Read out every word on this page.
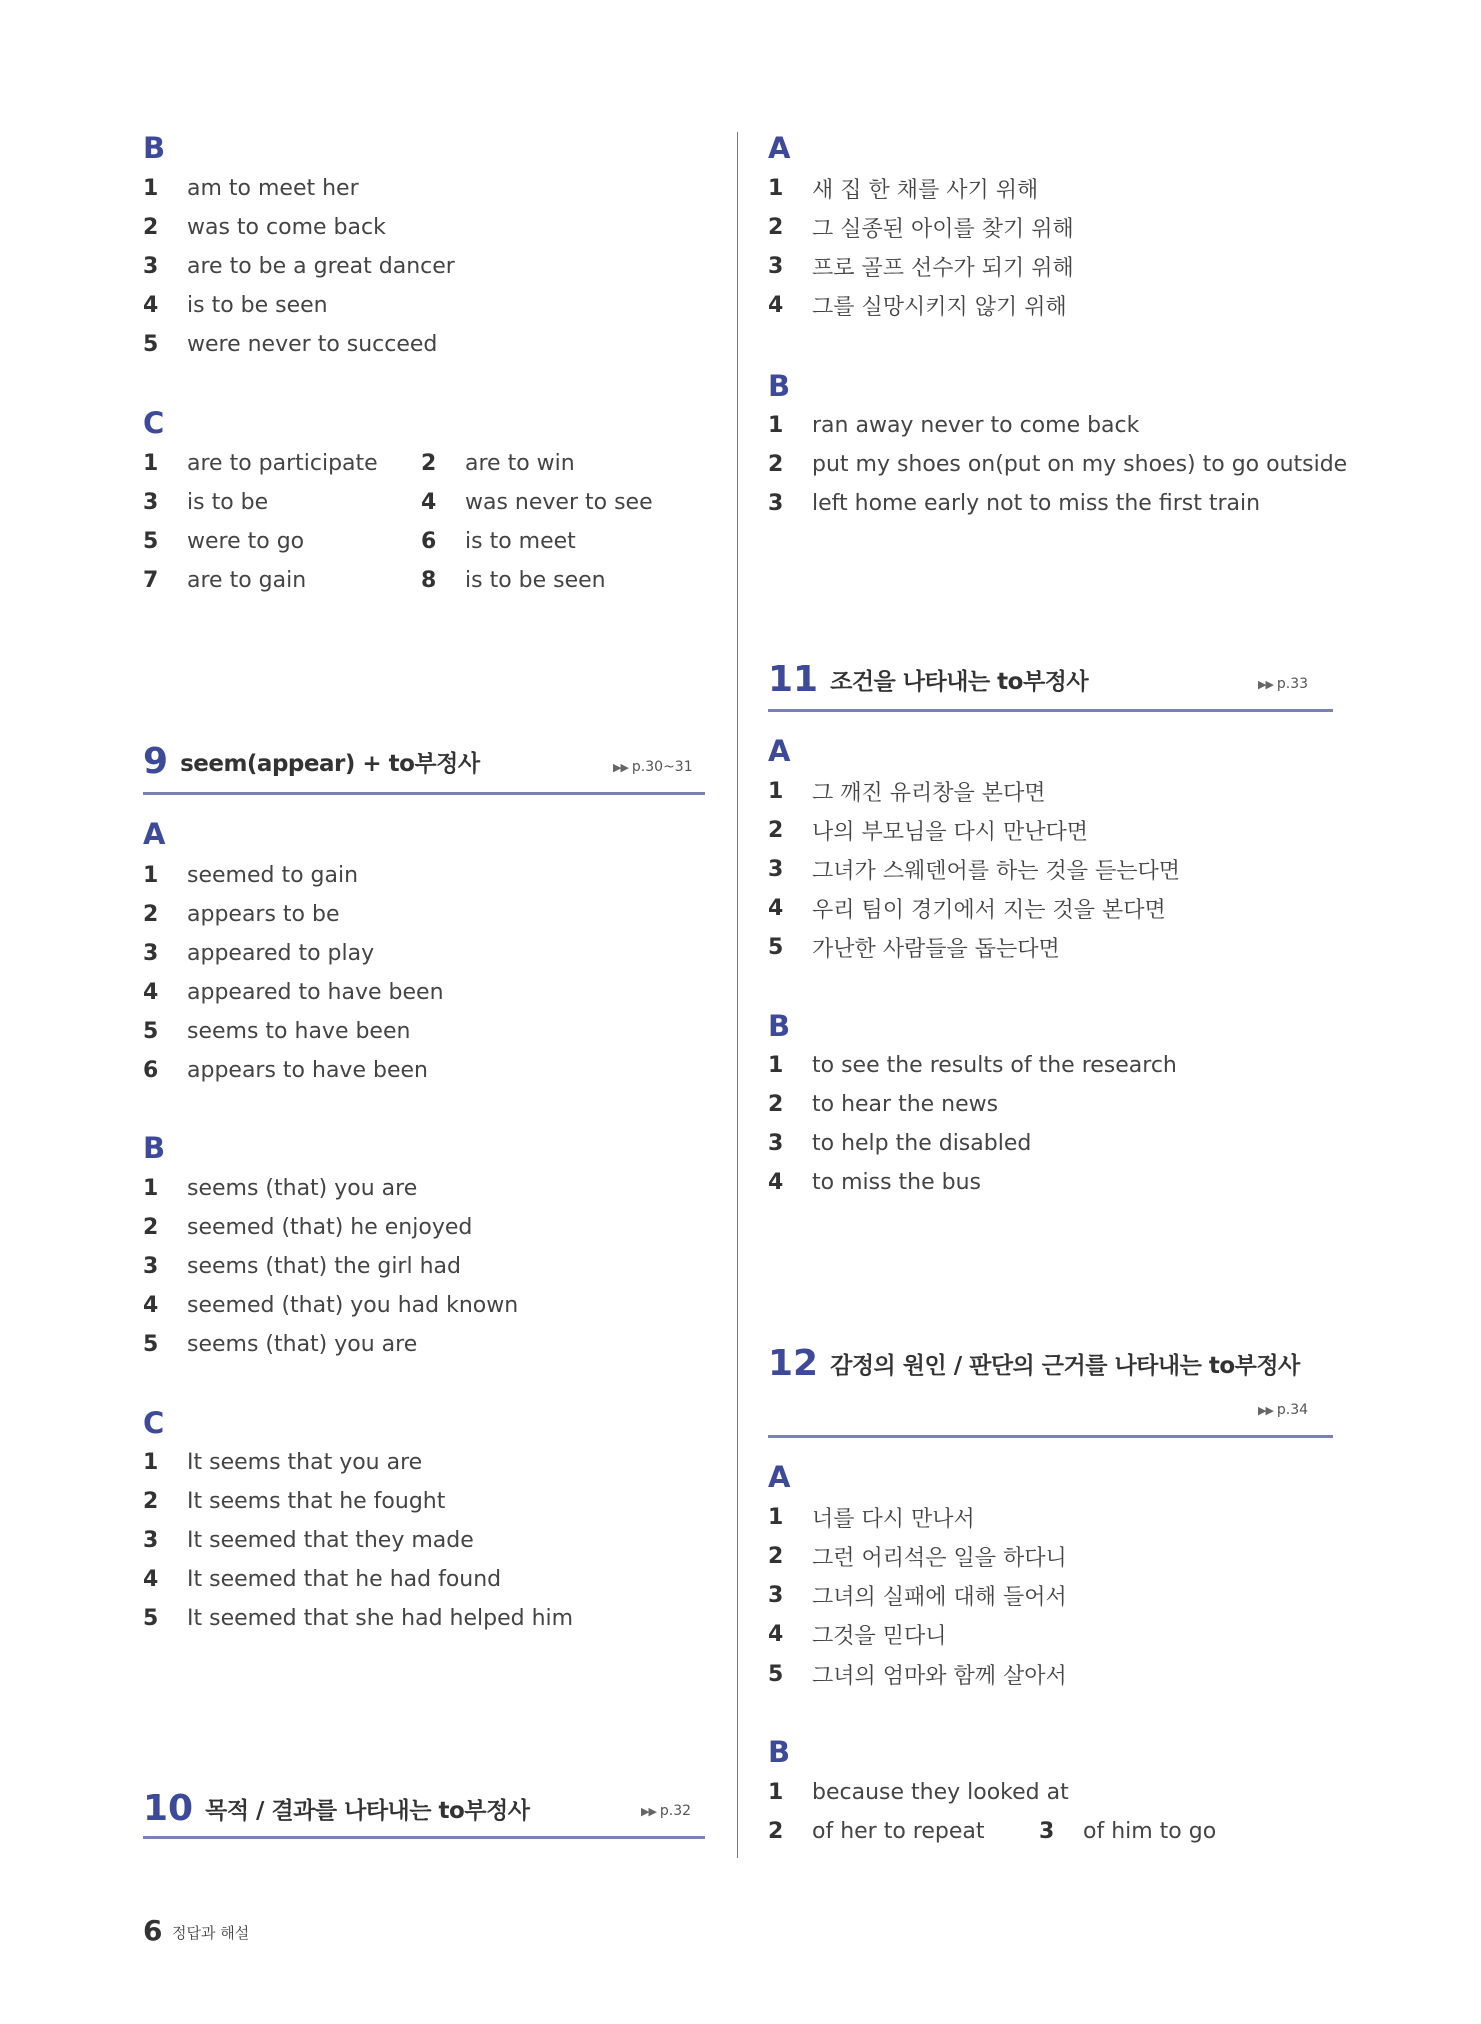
B
1	am to meet her
2	was to come back
3	are to be a great dancer
4	is to be seen
5	were never to succeed
C
1	are to participate 2	are to win
3	is to be	4	was never to see
5	were to go	6	is to meet
7	are to gain	8	is to be seen
9 seem(appear) + to부정사	▶▶ p.30~31
A
1	seemed to gain
2	appears to be
3	appeared to play
4	appeared to have been
5	seems to have been
6	appears to have been
B
1	seems (that) you are
2	seemed (that) he enjoyed
3	seems (that) the girl had
4	seemed (that) you had known
5	seems (that) you are
C
1	It seems that you are
2	It seems that he fought
3	It seemed that they made
4	It seemed that he had found
5	It seemed that she had helped him
10 목적 / 결과를 나타내는 to부정사	▶▶ p.32
A
1	새 집 한 채를 사기 위해
2	그 실종된 아이를 찾기 위해
3	프로 골프 선수가 되기 위해
4	그를 실망시키지 않기 위해
B
1	ran away never to come back
2	put my shoes on(put on my shoes) to go outside
3	left home early not to miss the first train
11 조건을 나타내는 to부정사	▶▶ p.33
A
1	그 깨진 유리창을 본다면
2	나의 부모님을 다시 만난다면
3	그녀가 스웨덴어를 하는 것을 듣는다면
4	우리 팀이 경기에서 지는 것을 본다면
5	가난한 사람들을 돕는다면
B
1	to see the results of the research
2	to hear the news
3	to help the disabled
4	to miss the bus
12 감정의 원인 / 판단의 근거를 나타내는 to부정사
▶▶ p.34
A
1	너를 다시 만나서
2	그런 어리석은 일을 하다니
3	그녀의 실패에 대해 들어서
4	그것을 믿다니
5	그녀의 엄마와 함께 살아서
B
1	because they looked at
2	of her to repeat 3	of him to go
6 정답과 해설
